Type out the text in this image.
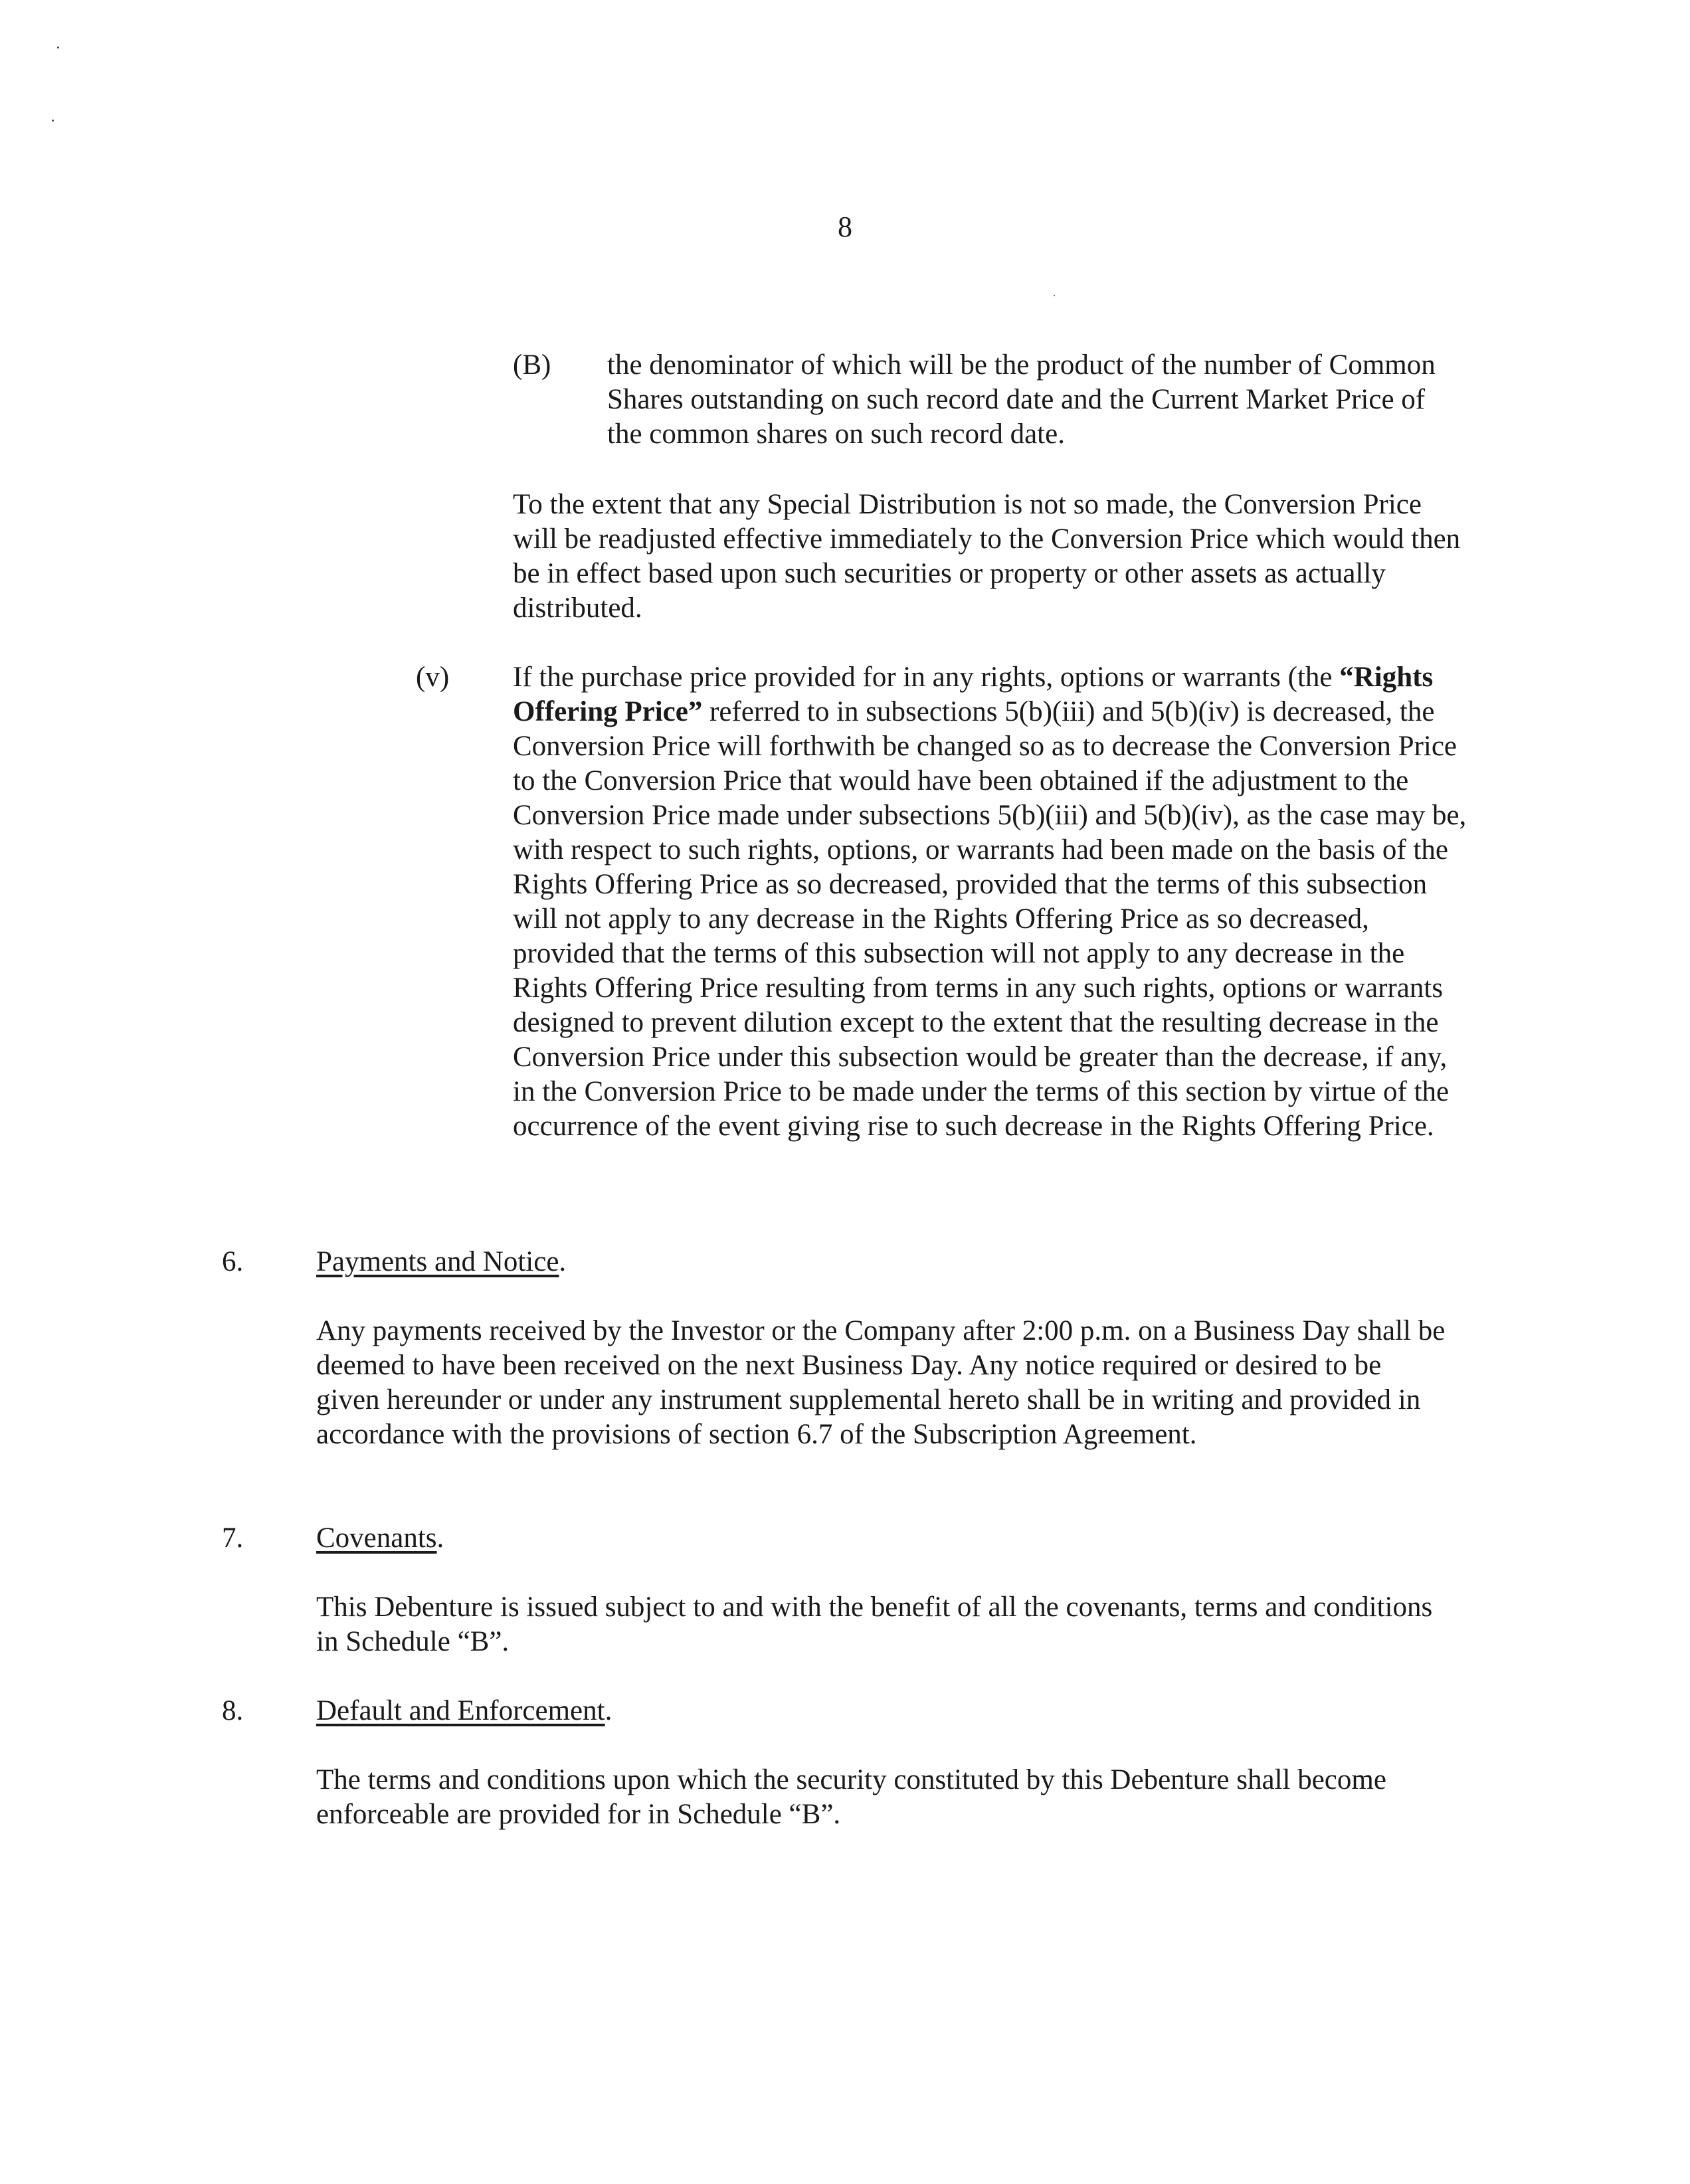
8
(B) the denominator of which will be the product of the number of Common Shares outstanding on such record date and the Current Market Price of the common shares on such record date.
To the extent that any Special Distribution is not so made, the Conversion Price will be readjusted effective immediately to the Conversion Price which would then be in effect based upon such securities or property or other assets as actually distributed.
(v) If the purchase price provided for in any rights, options or warrants (the “Rights Offering Price” referred to in subsections 5(b)(iii) and 5(b)(iv) is decreased, the Conversion Price will forthwith be changed so as to decrease the Conversion Price to the Conversion Price that would have been obtained if the adjustment to the Conversion Price made under subsections 5(b)(iii) and 5(b)(iv), as the case may be, with respect to such rights, options, or warrants had been made on the basis of the Rights Offering Price as so decreased, provided that the terms of this subsection will not apply to any decrease in the Rights Offering Price as so decreased, provided that the terms of this subsection will not apply to any decrease in the Rights Offering Price resulting from terms in any such rights, options or warrants designed to prevent dilution except to the extent that the resulting decrease in the Conversion Price under this subsection would be greater than the decrease, if any, in the Conversion Price to be made under the terms of this section by virtue of the occurrence of the event giving rise to such decrease in the Rights Offering Price.
6.	Payments and Notice.
Any payments received by the Investor or the Company after 2:00 p.m. on a Business Day shall be deemed to have been received on the next Business Day. Any notice required or desired to be given hereunder or under any instrument supplemental hereto shall be in writing and provided in accordance with the provisions of section 6.7 of the Subscription Agreement.
7.	Covenants.
This Debenture is issued subject to and with the benefit of all the covenants, terms and conditions in Schedule “B”.
8.	Default and Enforcement.
The terms and conditions upon which the security constituted by this Debenture shall become enforceable are provided for in Schedule “B”.
